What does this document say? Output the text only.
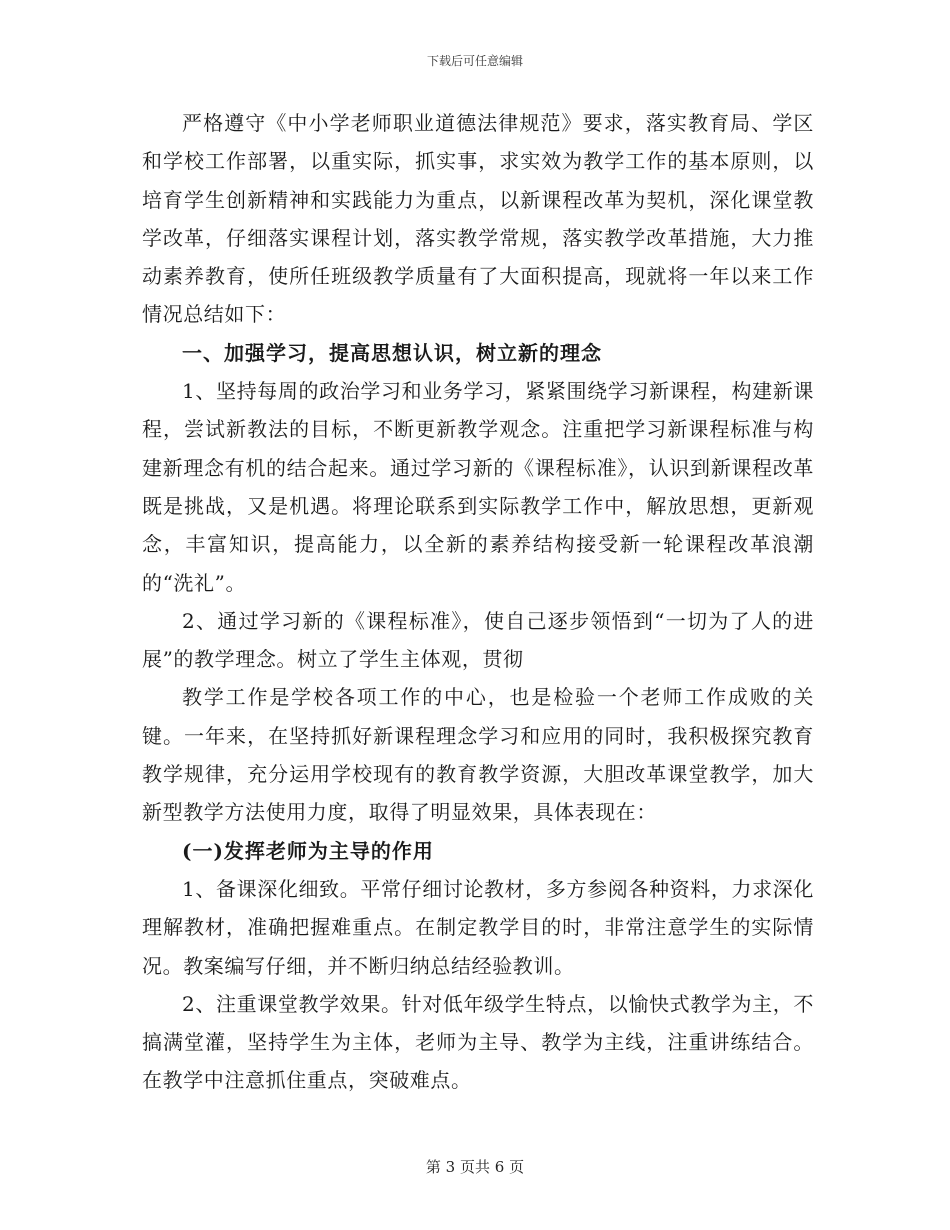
下载后可任意编辑

严格遵守《中小学老师职业道德法律规范》要求，落实教育局、学区和学校工作部署，以重实际，抓实事，求实效为教学工作的基本原则，以培育学生创新精神和实践能力为重点，以新课程改革为契机，深化课堂教学改革，仔细落实课程计划，落实教学常规，落实教学改革措施，大力推动素养教育，使所任班级教学质量有了大面积提高，现就将一年以来工作情况总结如下：

一、加强学习，提高思想认识，树立新的理念

1、坚持每周的政治学习和业务学习，紧紧围绕学习新课程，构建新课程，尝试新教法的目标，不断更新教学观念。注重把学习新课程标准与构建新理念有机的结合起来。通过学习新的《课程标准》，认识到新课程改革既是挑战，又是机遇。将理论联系到实际教学工作中，解放思想，更新观念，丰富知识，提高能力，以全新的素养结构接受新一轮课程改革浪潮的“洗礼”。

2、通过学习新的《课程标准》，使自己逐步领悟到“一切为了人的进展”的教学理念。树立了学生主体观，贯彻

教学工作是学校各项工作的中心，也是检验一个老师工作成败的关键。一年来，在坚持抓好新课程理念学习和应用的同时，我积极探究教育教学规律，充分运用学校现有的教育教学资源，大胆改革课堂教学，加大新型教学方法使用力度，取得了明显效果，具体表现在：

(一)发挥老师为主导的作用

1、备课深化细致。平常仔细讨论教材，多方参阅各种资料，力求深化理解教材，准确把握难重点。在制定教学目的时，非常注意学生的实际情况。教案编写仔细，并不断归纳总结经验教训。

2、注重课堂教学效果。针对低年级学生特点，以愉快式教学为主，不搞满堂灌，坚持学生为主体，老师为主导、教学为主线，注重讲练结合。在教学中注意抓住重点，突破难点。

第 3 页共 6 页
